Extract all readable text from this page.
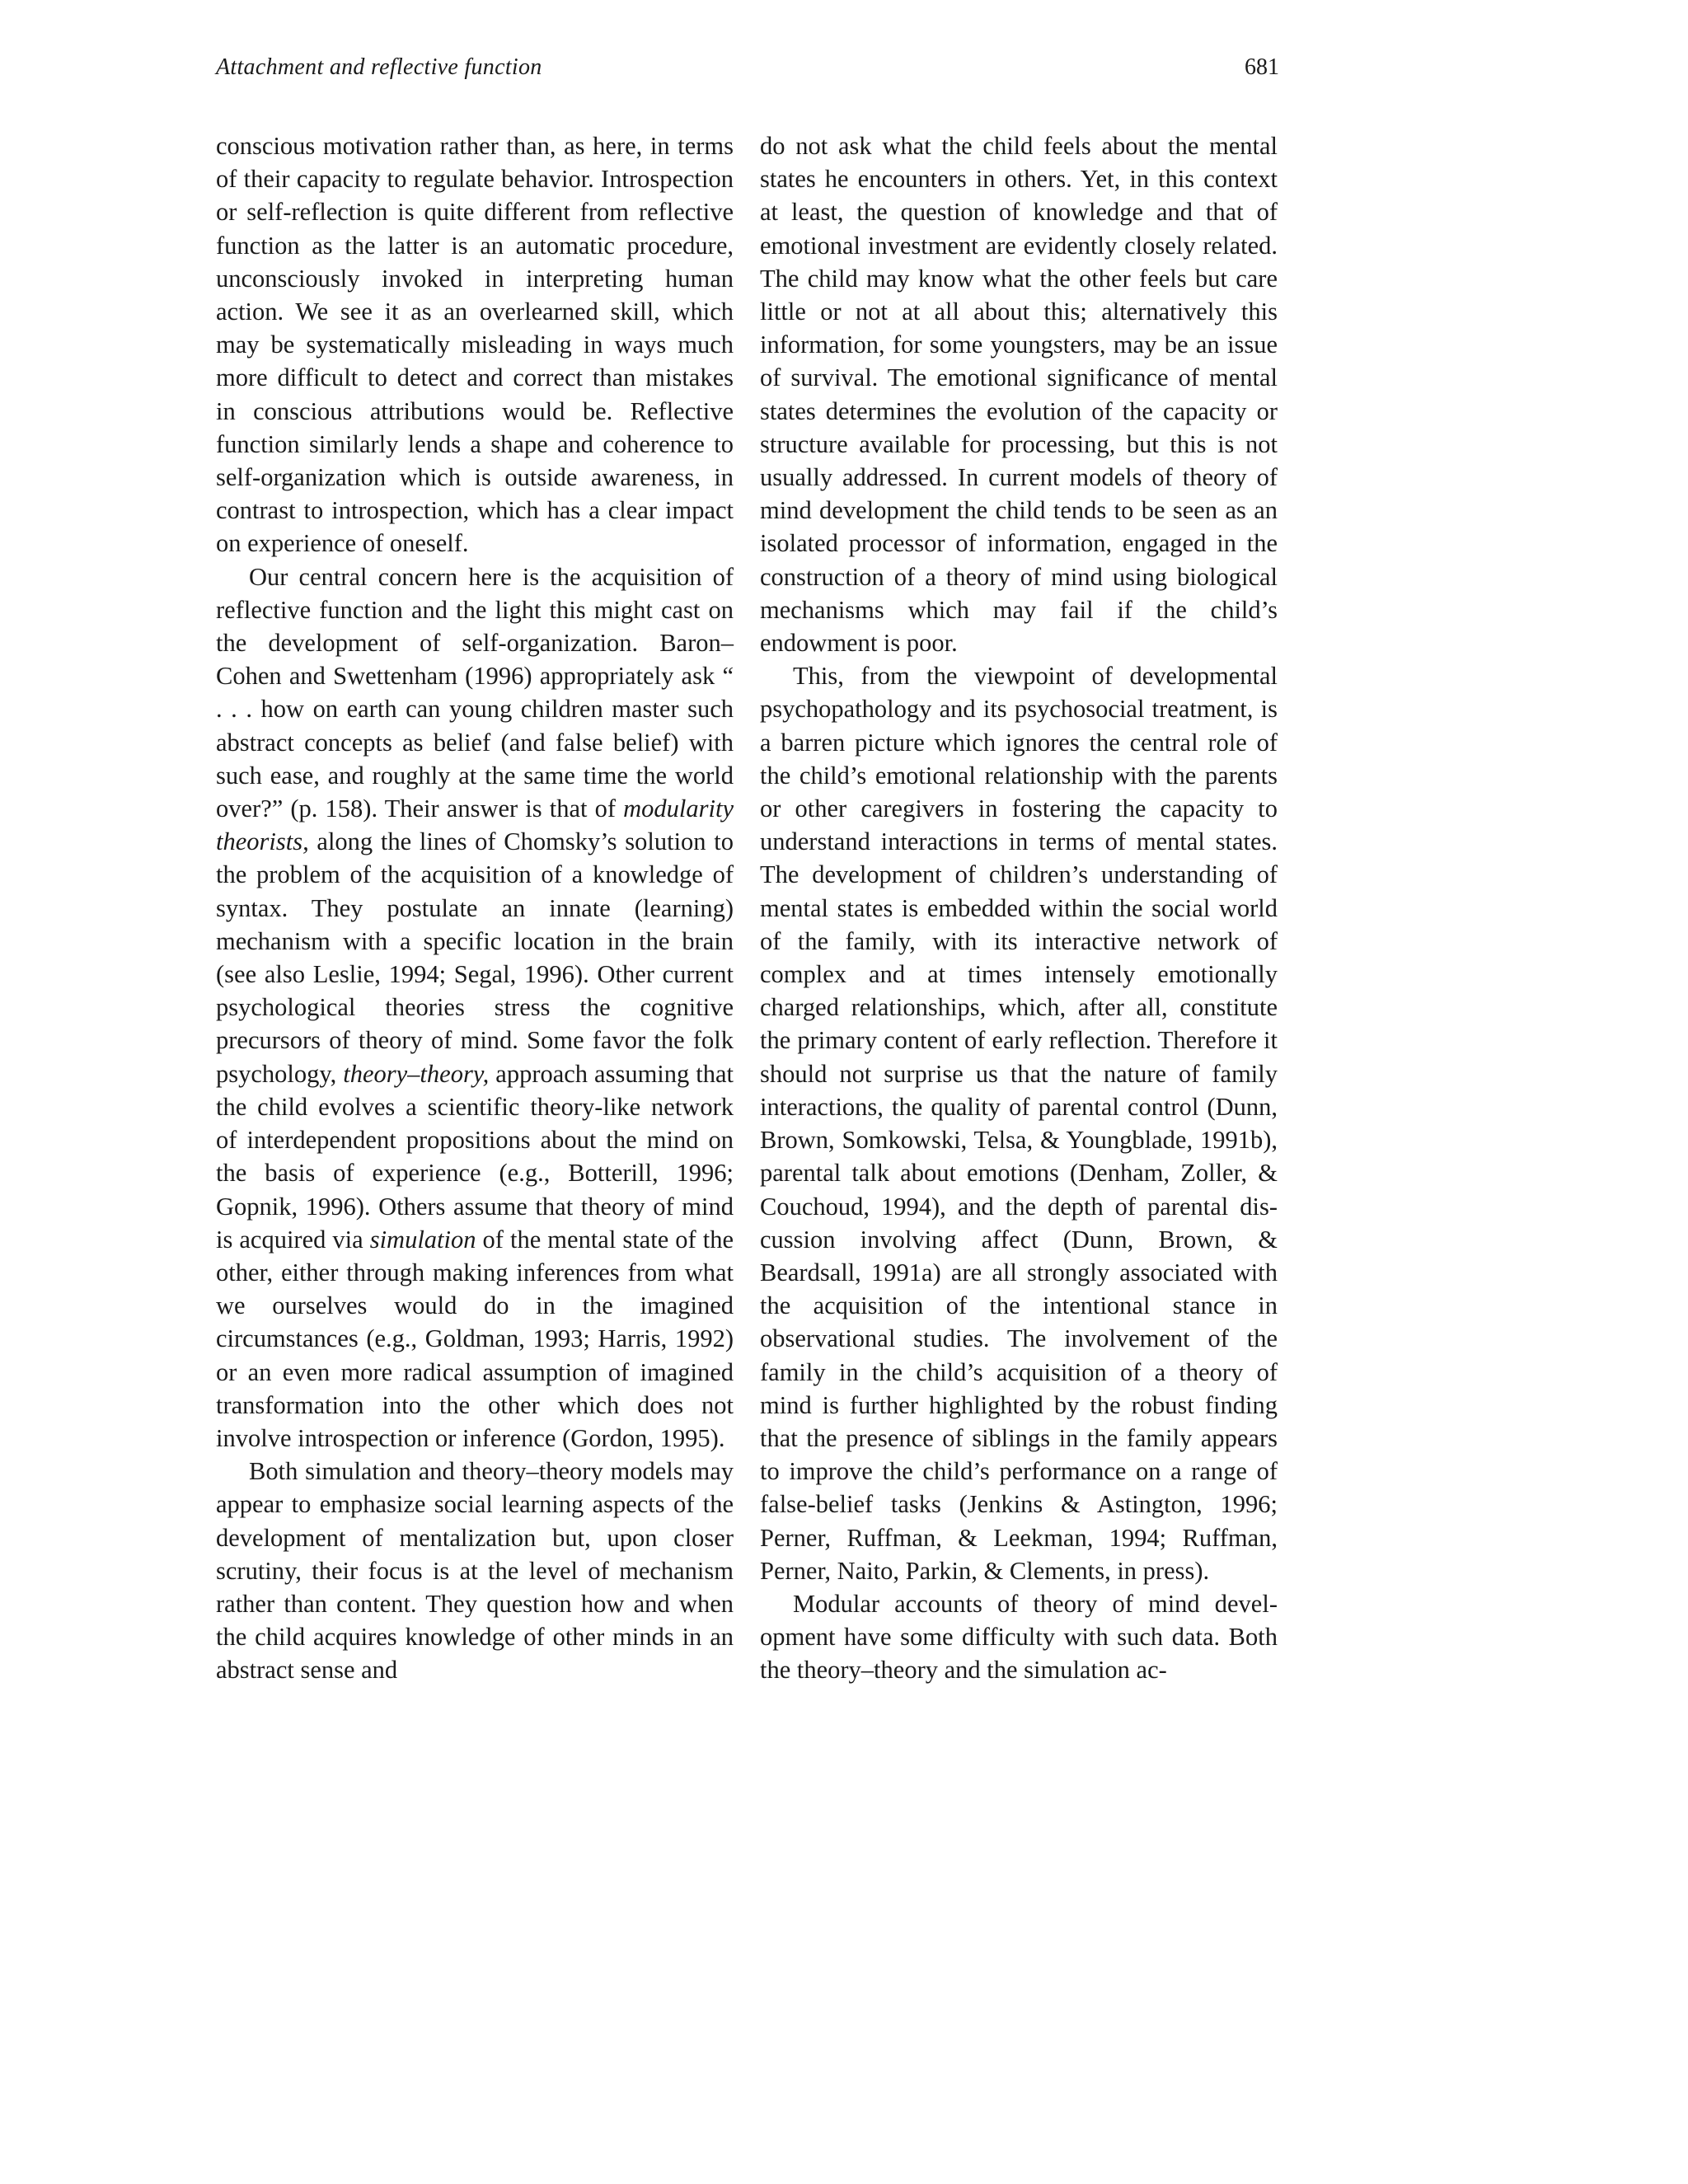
Attachment and reflective function	681

conscious motivation rather than, as here, in terms of their capacity to regulate behavior. Introspection or self-reflection is quite different from reflective function as the latter is an automatic procedure, unconsciously invoked in interpreting human action. We see it as an overlearned skill, which may be systematically misleading in ways much more difficult to detect and correct than mistakes in conscious attributions would be. Reflective function similarly lends a shape and coherence to self-organization which is outside awareness, in contrast to introspection, which has a clear impact on experience of oneself.

Our central concern here is the acquisition of reflective function and the light this might cast on the development of self-organization. Baron–Cohen and Swettenham (1996) appropriately ask “ . . . how on earth can young children master such abstract concepts as belief (and false belief) with such ease, and roughly at the same time the world over?” (p. 158). Their answer is that of modularity theorists, along the lines of Chomsky’s solution to the problem of the acquisition of a knowledge of syntax. They postulate an innate (learning) mechanism with a specific location in the brain (see also Leslie, 1994; Segal, 1996). Other current psychological theories stress the cognitive precursors of theory of mind. Some favor the folk psychology, theory–theory, approach assuming that the child evolves a scientific theory-like network of interdependent propositions about the mind on the basis of experience (e.g., Botterill, 1996; Gopnik, 1996). Others assume that theory of mind is acquired via simulation of the mental state of the other, either through making inferences from what we ourselves would do in the imagined circumstances (e.g., Goldman, 1993; Harris, 1992) or an even more radical assumption of imagined transformation into the other which does not involve introspection or inference (Gordon, 1995).

Both simulation and theory–theory models may appear to emphasize social learning aspects of the development of mentalization but, upon closer scrutiny, their focus is at the level of mechanism rather than content. They question how and when the child acquires knowledge of other minds in an abstract sense and

do not ask what the child feels about the mental states he encounters in others. Yet, in this context at least, the question of knowledge and that of emotional investment are evidently closely related. The child may know what the other feels but care little or not at all about this; alternatively this information, for some youngsters, may be an issue of survival. The emotional significance of mental states determines the evolution of the capacity or structure available for processing, but this is not usually addressed. In current models of theory of mind development the child tends to be seen as an isolated processor of information, engaged in the construction of a theory of mind using biological mechanisms which may fail if the child’s endowment is poor.

This, from the viewpoint of developmental psychopathology and its psychosocial treatment, is a barren picture which ignores the central role of the child’s emotional relationship with the parents or other caregivers in fostering the capacity to understand interactions in terms of mental states. The development of children’s understanding of mental states is embedded within the social world of the family, with its interactive network of complex and at times intensely emotionally charged relationships, which, after all, constitute the primary content of early reflection. Therefore it should not surprise us that the nature of family interactions, the quality of parental control (Dunn, Brown, Somkowski, Telsa, & Youngblade, 1991b), parental talk about emotions (Denham, Zoller, & Couchoud, 1994), and the depth of parental discussion involving affect (Dunn, Brown, & Beardsall, 1991a) are all strongly associated with the acquisition of the intentional stance in observational studies. The involvement of the family in the child’s acquisition of a theory of mind is further highlighted by the robust finding that the presence of siblings in the family appears to improve the child’s performance on a range of false-belief tasks (Jenkins & Astington, 1996; Perner, Ruffman, & Leekman, 1994; Ruffman, Perner, Naito, Parkin, & Clements, in press).

Modular accounts of theory of mind development have some difficulty with such data. Both the theory–theory and the simulation ac-
